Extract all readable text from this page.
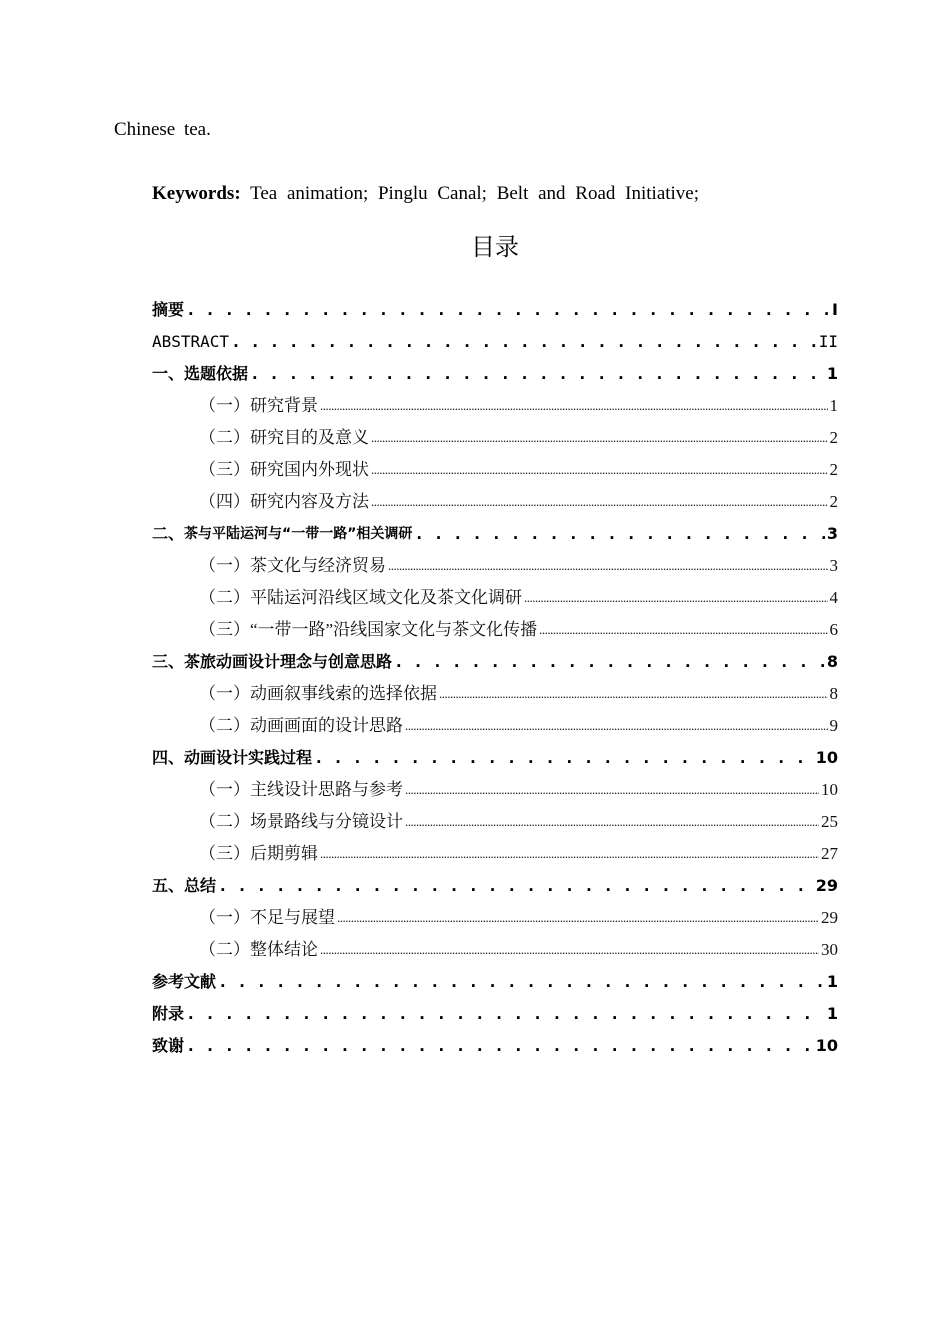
Chinese tea.
Keywords: Tea animation; Pinglu Canal; Belt and Road Initiative;
目录
摘要 . . .	I
ABSTRACT . . .	II
一、 选题依据 . . .	1
（一） 研究背景 .....	1
（二） 研究目的及意义 .....	2
（三） 研究国内外现状 .....	2
（四） 研究内容及方法 .....	2
二、 茶与平陆运河与“一带一路”相关调研 . . .	3
（一） 茶文化与经济贸易 .....	3
（二） 平陆运河沿线区域文化及茶文化调研 .....	4
（三） “一带一路”沿线国家文化与茶文化传播 .....	6
三、 茶旅动画设计理念与创意思路 . . .	8
（一） 动画叙事线索的选择依据 .....	8
（二） 动画画面的设计思路 .....	9
四、 动画设计实践过程 . . .	10
（一） 主线设计思路与参考 .....	10
（二） 场景路线与分镜设计 .....	25
（三） 后期剪辑 .....	27
五、总结 . . .	29
（一） 不足与展望 .....	29
（二） 整体结论 .....	30
参考文献 . . .	1
附录 . . .	1
致谢 . . .	10
